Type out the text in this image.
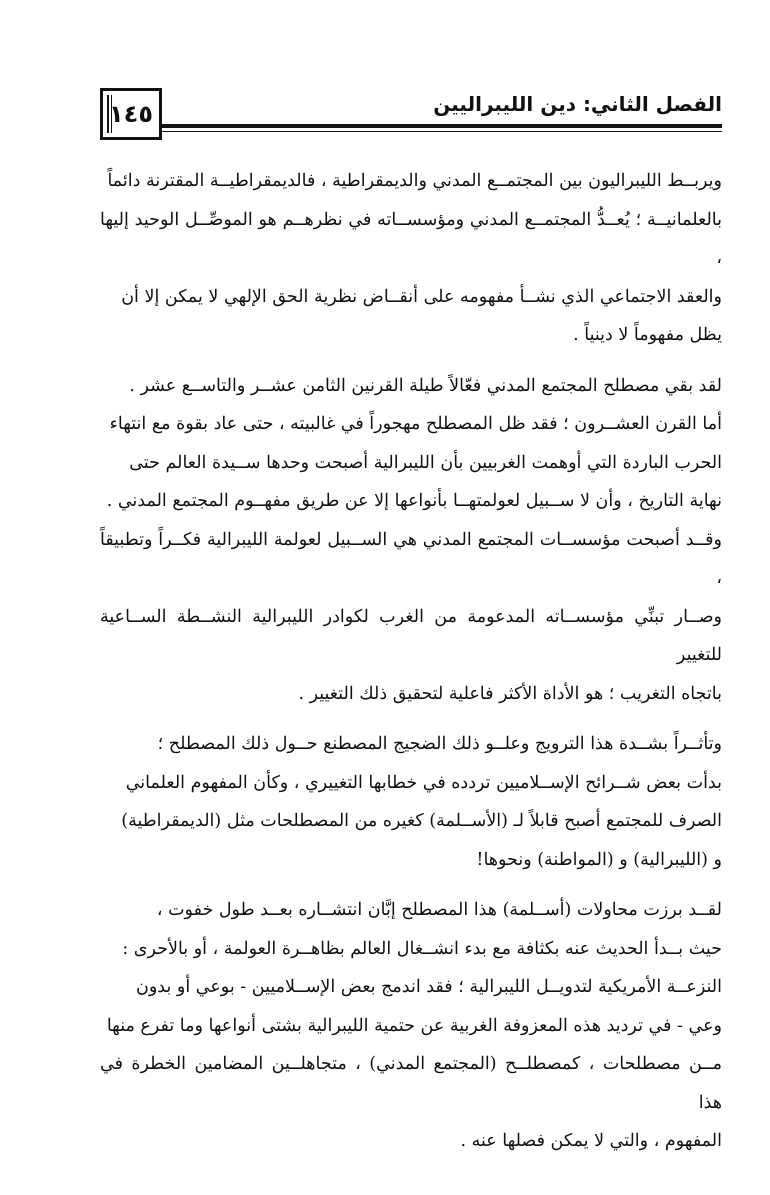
١٤٥	الفصل الثاني: دين الليبراليين

ويربــط الليبراليون بين المجتمــع المدني والديمقراطية ، فالديمقراطيــة المقترنة دائماً
بالعلمانيــة ؛ يُعــدُّ المجتمــع المدني ومؤسســاته في نظرهــم هو الموصِّــل الوحيد إليها ،
والعقد الاجتماعي الذي نشــأ مفهومه على أنقــاض نظرية الحق الإلهي لا يمكن إلا أن
يظل مفهوماً لا دينياً .

لقد بقي مصطلح المجتمع المدني فعّالاً طيلة القرنين الثامن عشــر والتاســع عشر .
أما القرن العشــرون ؛ فقد ظل المصطلح مهجوراً في غالبيته ، حتى عاد بقوة مع انتهاء
الحرب الباردة التي أوهمت الغربيين بأن الليبرالية أصبحت وحدها ســيدة العالم حتى
نهاية التاريخ ، وأن لا ســبيل لعولمتهــا بأنواعها إلا عن طريق مفهــوم المجتمع المدني .
وقــد أصبحت مؤسســات المجتمع المدني هي الســبيل لعولمة الليبرالية فكــراً وتطبيقاً ،
وصــار تبنِّي مؤسســاته المدعومة من الغرب لكوادر الليبرالية النشــطة الســاعية للتغيير
باتجاه التغريب ؛ هو الأداة الأكثر فاعلية لتحقيق ذلك التغيير .

وتأثــراً بشــدة هذا الترويج وعلــو ذلك الضجيج المصطنع حــول ذلك المصطلح ؛
بدأت بعض شــرائح الإســلاميين تردده في خطابها التغييري ، وكأن المفهوم العلماني
الصرف للمجتمع أصبح قابلاً لـ (الأســلمة) كغيره من المصطلحات مثل (الديمقراطية)
و (الليبرالية) و (المواطنة) ونحوها!

لقــد برزت محاولات (أســلمة) هذا المصطلح إبَّان انتشــاره بعــد طول خفوت ،
حيث بــدأ الحديث عنه بكثافة مع بدء انشــغال العالم بظاهــرة العولمة ، أو بالأحرى :
النزعــة الأمريكية لتدويــل الليبرالية ؛ فقد اندمج بعض الإســلاميين - بوعي أو بدون
وعي - في ترديد هذه المعزوفة الغربية عن حتمية الليبرالية بشتى أنواعها وما تفرع منها
مــن مصطلحات ، كمصطلــح (المجتمع المدني) ، متجاهلــين المضامين الخطرة في هذا
المفهوم ، والتي لا يمكن فصلها عنه .
